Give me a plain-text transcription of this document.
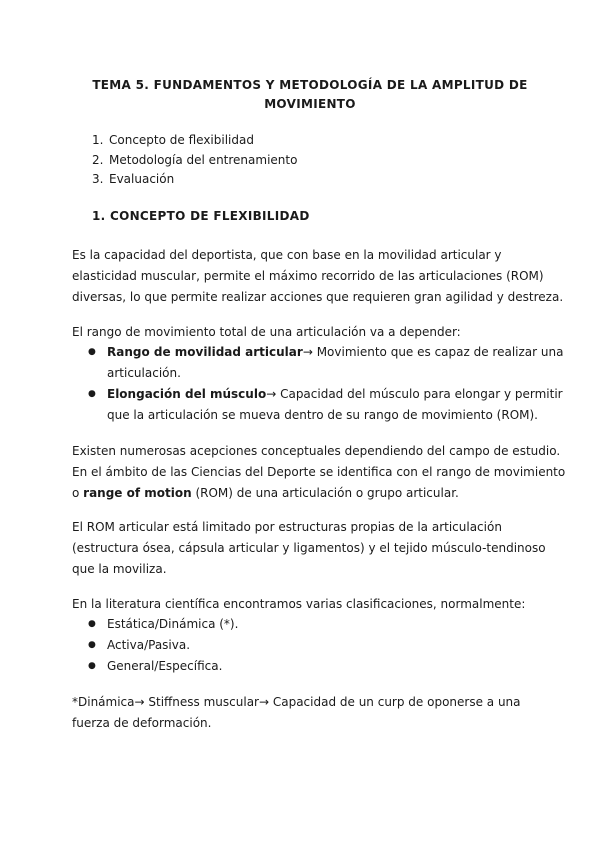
TEMA 5. FUNDAMENTOS Y METODOLOGÍA DE LA AMPLITUD DE
MOVIMIENTO
1. Concepto de flexibilidad
2. Metodología del entrenamiento
3. Evaluación
1. CONCEPTO DE FLEXIBILIDAD
Es la capacidad del deportista, que con base en la movilidad articular y
elasticidad muscular, permite el máximo recorrido de las articulaciones (ROM)
diversas, lo que permite realizar acciones que requieren gran agilidad y destreza.
El rango de movimiento total de una articulación va a depender:
● Rango de movilidad articular→ Movimiento que es capaz de realizar una
articulación.
● Elongación del músculo→ Capacidad del músculo para elongar y permitir
que la articulación se mueva dentro de su rango de movimiento (ROM).
Existen numerosas acepciones conceptuales dependiendo del campo de estudio.
En el ámbito de las Ciencias del Deporte se identifica con el rango de movimiento
o range of motion (ROM) de una articulación o grupo articular.
El ROM articular está limitado por estructuras propias de la articulación
(estructura ósea, cápsula articular y ligamentos) y el tejido músculo-tendinoso
que la moviliza.
En la literatura científica encontramos varias clasificaciones, normalmente:
● Estática/Dinámica (*).
● Activa/Pasiva.
● General/Específica.
*Dinámica→ Stiffness muscular→ Capacidad de un curp de oponerse a una
fuerza de deformación.
